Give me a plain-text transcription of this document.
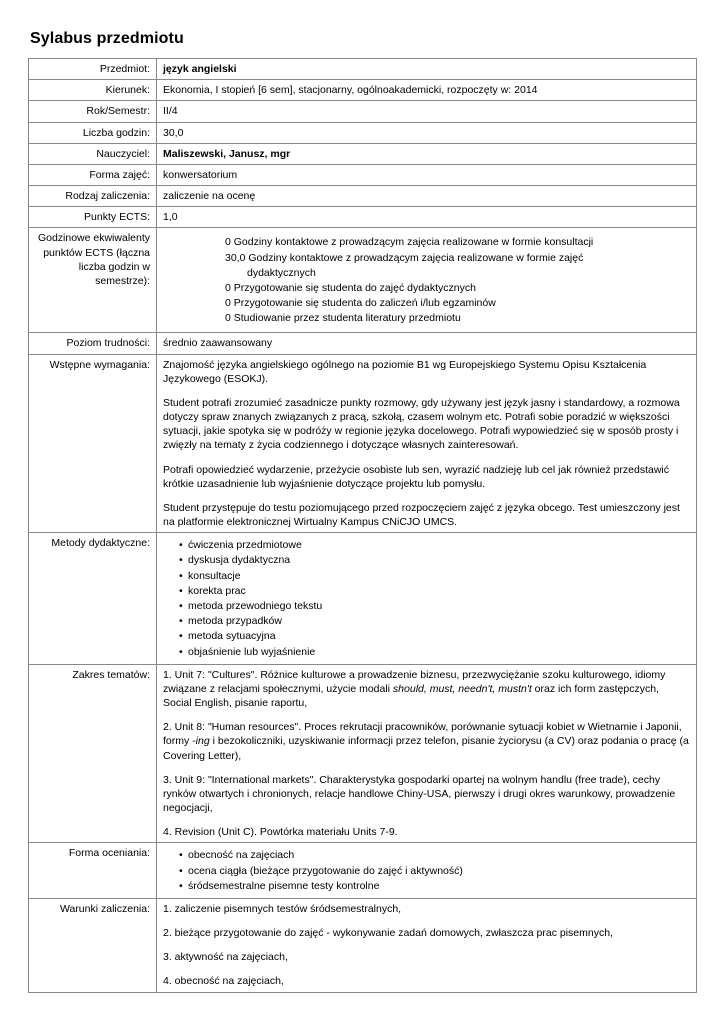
Sylabus przedmiotu
Przedmiot:	język angielski
Kierunek:	Ekonomia, I stopień [6 sem], stacjonarny, ogólnoakademicki, rozpoczęty w: 2014
Rok/Semestr:	II/4
Liczba godzin:	30,0
Nauczyciel:	Maliszewski, Janusz, mgr
Forma zajęć:	konwersatorium
Rodzaj zaliczenia:	zaliczenie na ocenę
Punkty ECTS:	1,0
Godzinowe ekwiwalenty punktów ECTS (łączna liczba godzin w semestrze):	
0 Godziny kontaktowe z prowadzącym zajęcia realizowane w formie konsultacji
30,0 Godziny kontaktowe z prowadzącym zajęcia realizowane w formie zajęć
dydaktycznych
0 Przygotowanie się studenta do zajęć dydaktycznych
0 Przygotowanie się studenta do zaliczeń i/lub egzaminów
0 Studiowanie przez studenta literatury przedmiotu

Poziom trudności:	średnio zaawansowany
Wstępne wymagania:	Znajomość języka angielskiego ogólnego na poziomie B1 wg Europejskiego Systemu Opisu Kształcenia Językowego (ESOKJ).

Student potrafi zrozumieć zasadnicze punkty rozmowy, gdy używany jest język jasny i standardowy, a rozmowa dotyczy spraw znanych związanych z pracą, szkołą, czasem wolnym etc. Potrafi sobie poradzić w większości sytuacji, jakie spotyka się w podróży w regionie języka docelowego. Potrafi wypowiedzieć się w sposób prosty i zwięzły na tematy z życia codziennego i dotyczące własnych zainteresowań.

Potrafi opowiedzieć wydarzenie, przeżycie osobiste lub sen, wyrazić nadzieję lub cel jak również przedstawić krótkie uzasadnienie lub wyjaśnienie dotyczące projektu lub pomysłu.

Student przystępuje do testu poziomującego przed rozpoczęciem zajęć z języka obcego. Test umieszczony jest na platformie elektronicznej Wirtualny Kampus CNiCJO UMCS.

Metody dydaktyczne:	
•ćwiczenia przedmiotowe
• dyskusja dydaktyczna
• konsultacje
• korekta prac
• metoda przewodniego tekstu
• metoda przypadków
• metoda sytuacyjna
• objaśnienie lub wyjaśnienie

Zakres tematów:	1. Unit 7: "Cultures". Różnice kulturowe a prowadzenie biznesu, przezwyciężanie szoku kulturowego, idiomy związane z relacjami społecznymi, użycie modali should, must, needn't, mustn't oraz ich form zastępczych, Social English, pisanie raportu,

2. Unit 8: "Human resources". Proces rekrutacji pracowników, porównanie sytuacji kobiet w Wietnamie i Japonii, formy -ing i bezokoliczniki, uzyskiwanie informacji przez telefon, pisanie życiorysu (a CV) oraz podania o pracę (a Covering Letter),

3. Unit 9: "International markets". Charakterystyka gospodarki opartej na wolnym handlu (free trade), cechy rynków otwartych i chronionych, relacje handlowe Chiny-USA, pierwszy i drugi okres warunkowy, prowadzenie negocjacji,

4. Revision (Unit C). Powtórka materiału Units 7-9.

Forma oceniania:	
•obecność na zajęciach
• ocena ciągła (bieżące przygotowanie do zajęć i aktywność)
• śródsemestralne pisemne testy kontrolne

Warunki zaliczenia:	1. zaliczenie pisemnych testów śródsemestralnych,

2. bieżące przygotowanie do zajęć - wykonywanie zadań domowych, zwłaszcza prac pisemnych,

3. aktywność na zajęciach,

4. obecność na zajęciach,
